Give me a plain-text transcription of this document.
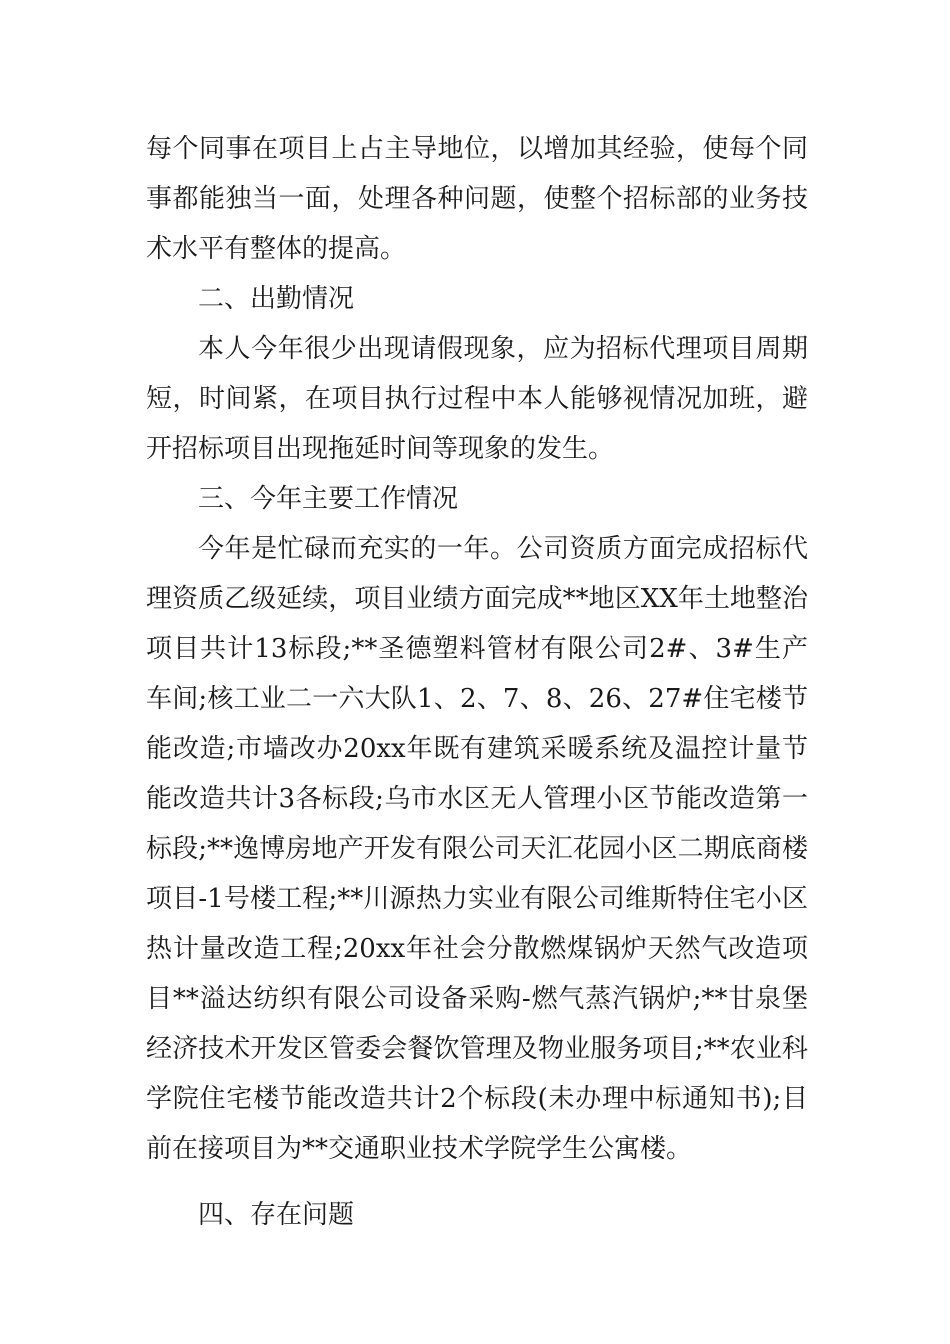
每个同事在项目上占主导地位，以增加其经验，使每个同事都能独当一面，处理各种问题，使整个招标部的业务技术水平有整体的提高。

二、出勤情况

本人今年很少出现请假现象，应为招标代理项目周期短，时间紧，在项目执行过程中本人能够视情况加班，避开招标项目出现拖延时间等现象的发生。

三、今年主要工作情况

今年是忙碌而充实的一年。公司资质方面完成招标代理资质乙级延续，项目业绩方面完成**地区XX年土地整治项目共计13标段;**圣德塑料管材有限公司2#、3#生产车间;核工业二一六大队1、2、7、8、26、27#住宅楼节能改造;市墙改办20xx年既有建筑采暖系统及温控计量节能改造共计3各标段;乌市水区无人管理小区节能改造第一标段;**逸博房地产开发有限公司天汇花园小区二期底商楼项目-1号楼工程;**川源热力实业有限公司维斯特住宅小区热计量改造工程;20xx年社会分散燃煤锅炉天然气改造项目**溢达纺织有限公司设备采购-燃气蒸汽锅炉;**甘泉堡经济技术开发区管委会餐饮管理及物业服务项目;**农业科学院住宅楼节能改造共计2个标段(未办理中标通知书);目前在接项目为**交通职业技术学院学生公寓楼。

四、存在问题
